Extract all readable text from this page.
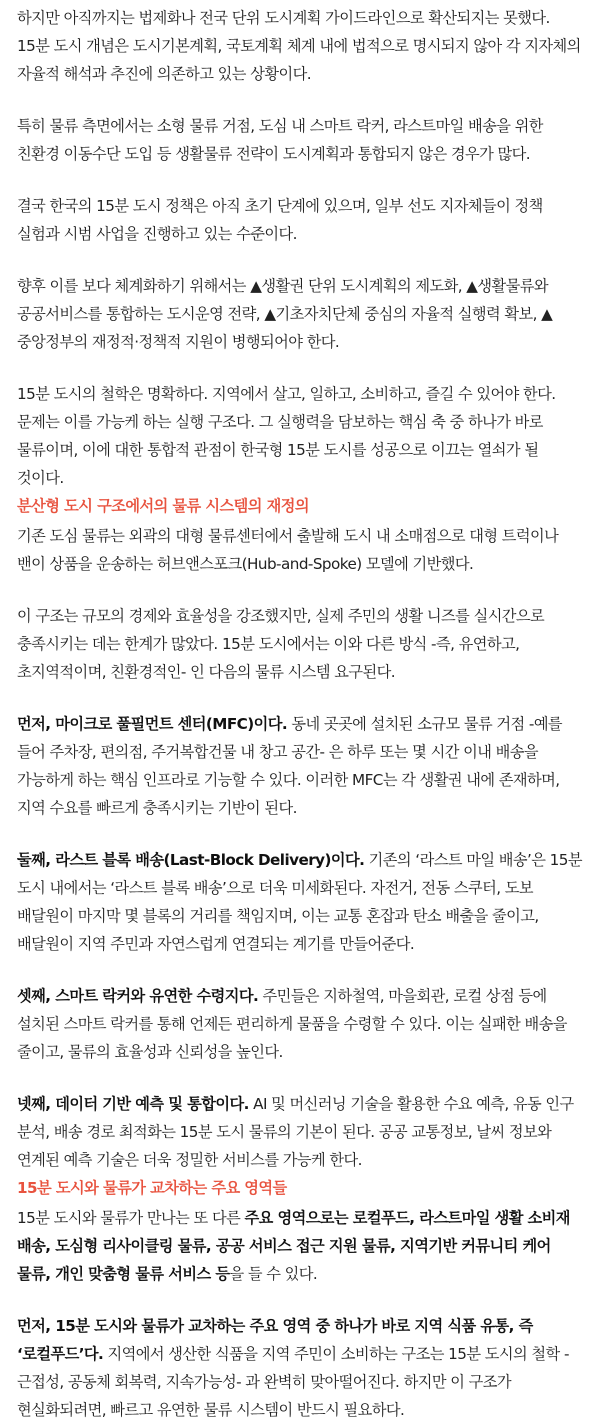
하지만 아직까지는 법제화나 전국 단위 도시계획 가이드라인으로 확산되지는 못했다. 15분 도시 개념은 도시기본계획, 국토계획 체계 내에 법적으로 명시되지 않아 각 지자체의 자율적 해석과 추진에 의존하고 있는 상황이다.

특히 물류 측면에서는 소형 물류 거점, 도심 내 스마트 락커, 라스트마일 배송을 위한 친환경 이동수단 도입 등 생활물류 전략이 도시계획과 통합되지 않은 경우가 많다.

결국 한국의 15분 도시 정책은 아직 초기 단계에 있으며, 일부 선도 지자체들이 정책 실험과 시범 사업을 진행하고 있는 수준이다.

향후 이를 보다 체계화하기 위해서는 ▲생활권 단위 도시계획의 제도화, ▲생활물류와 공공서비스를 통합하는 도시운영 전략, ▲기초자치단체 중심의 자율적 실행력 확보, ▲중앙정부의 재정적·정책적 지원이 병행되어야 한다.

15분 도시의 철학은 명확하다. 지역에서 살고, 일하고, 소비하고, 즐길 수 있어야 한다. 문제는 이를 가능케 하는 실행 구조다. 그 실행력을 담보하는 핵심 축 중 하나가 바로 물류이며, 이에 대한 통합적 관점이 한국형 15분 도시를 성공으로 이끄는 열쇠가 될 것이다.

분산형 도시 구조에서의 물류 시스템의 재정의

기존 도심 물류는 외곽의 대형 물류센터에서 출발해 도시 내 소매점으로 대형 트럭이나 밴이 상품을 운송하는 허브앤스포크(Hub-and-Spoke) 모델에 기반했다.

이 구조는 규모의 경제와 효율성을 강조했지만, 실제 주민의 생활 니즈를 실시간으로 충족시키는 데는 한계가 많았다. 15분 도시에서는 이와 다른 방식 -즉, 유연하고, 초지역적이며, 친환경적인- 인 다음의 물류 시스템 요구된다.

먼저, 마이크로 풀필먼트 센터(MFC)이다. 동네 곳곳에 설치된 소규모 물류 거점 -예를 들어 주차장, 편의점, 주거복합건물 내 창고 공간- 은 하루 또는 몇 시간 이내 배송을 가능하게 하는 핵심 인프라로 기능할 수 있다. 이러한 MFC는 각 생활권 내에 존재하며, 지역 수요를 빠르게 충족시키는 기반이 된다.

둘째, 라스트 블록 배송(Last-Block Delivery)이다. 기존의 ‘라스트 마일 배송’은 15분 도시 내에서는 ‘라스트 블록 배송’으로 더욱 미세화된다. 자전거, 전동 스쿠터, 도보 배달원이 마지막 몇 블록의 거리를 책임지며, 이는 교통 혼잡과 탄소 배출을 줄이고, 배달원이 지역 주민과 자연스럽게 연결되는 계기를 만들어준다.

셋째, 스마트 락커와 유연한 수령지다. 주민들은 지하철역, 마을회관, 로컬 상점 등에 설치된 스마트 락커를 통해 언제든 편리하게 물품을 수령할 수 있다. 이는 실패한 배송을 줄이고, 물류의 효율성과 신뢰성을 높인다.

넷째, 데이터 기반 예측 및 통합이다. AI 및 머신러닝 기술을 활용한 수요 예측, 유동 인구 분석, 배송 경로 최적화는 15분 도시 물류의 기본이 된다. 공공 교통정보, 날씨 정보와 연계된 예측 기술은 더욱 정밀한 서비스를 가능케 한다.

15분 도시와 물류가 교차하는 주요 영역들

15분 도시와 물류가 만나는 또 다른 주요 영역으로는 로컬푸드, 라스트마일 생활 소비재 배송, 도심형 리사이클링 물류, 공공 서비스 접근 지원 물류, 지역기반 커뮤니티 케어 물류, 개인 맞춤형 물류 서비스 등을 들 수 있다.

먼저, 15분 도시와 물류가 교차하는 주요 영역 중 하나가 바로 지역 식품 유통, 즉 ‘로컬푸드’다. 지역에서 생산한 식품을 지역 주민이 소비하는 구조는 15분 도시의 철학 -근접성, 공동체 회복력, 지속가능성- 과 완벽히 맞아떨어진다. 하지만 이 구조가 현실화되려면, 빠르고 유연한 물류 시스템이 반드시 필요하다.
